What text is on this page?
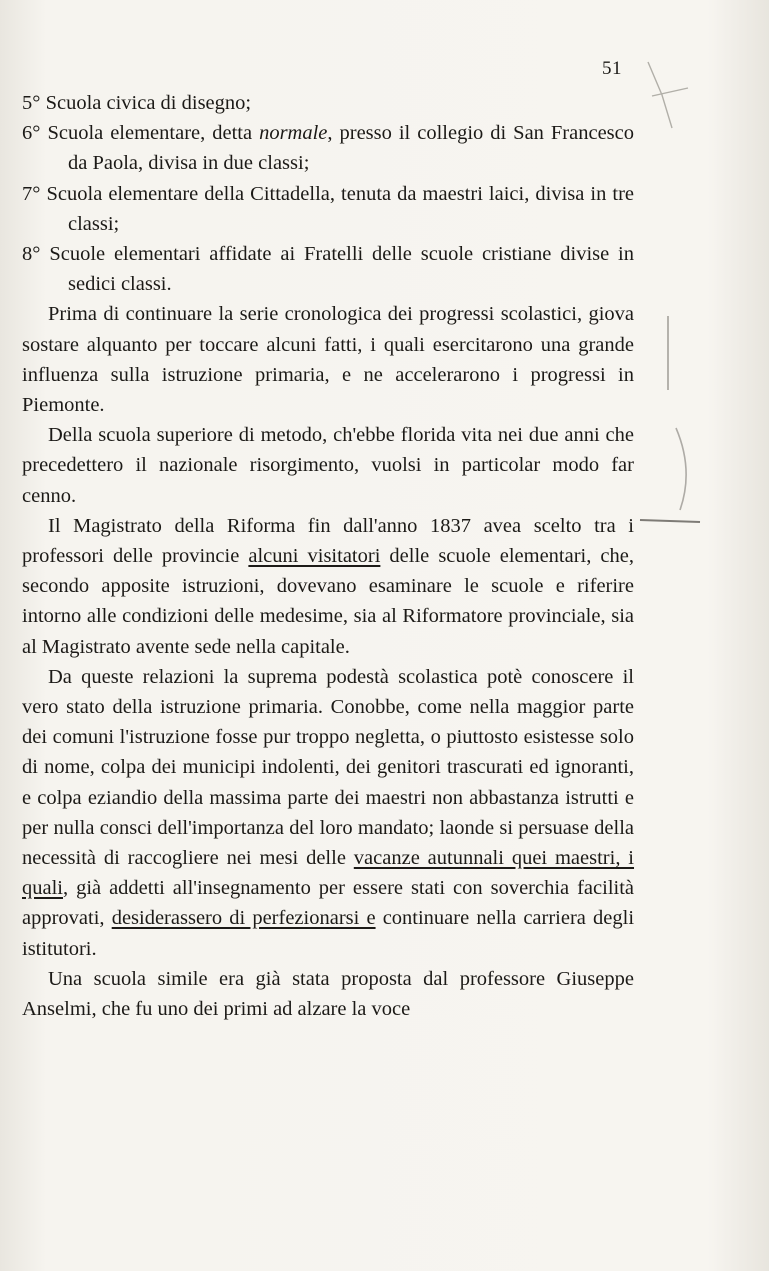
51

5° Scuola civica di disegno;

6° Scuola elementare, detta normale, presso il collegio di San Francesco da Paola, divisa in due classi;

7° Scuola elementare della Cittadella, tenuta da maestri laici, divisa in tre classi;

8° Scuole elementari affidate ai Fratelli delle scuole cristiane divise in sedici classi.

Prima di continuare la serie cronologica dei progressi scolastici, giova sostare alquanto per toccare alcuni fatti, i quali esercitarono una grande influenza sulla istruzione primaria, e ne accelerarono i progressi in Piemonte.

Della scuola superiore di metodo, ch'ebbe florida vita nei due anni che precedettero il nazionale risorgimento, vuolsi in particolar modo far cenno.

Il Magistrato della Riforma fin dall'anno 1837 avea scelto tra i professori delle provincie alcuni visitatori delle scuole elementari, che, secondo apposite istruzioni, dovevano esaminare le scuole e riferire intorno alle condizioni delle medesime, sia al Riformatore provinciale, sia al Magistrato avente sede nella capitale.

Da queste relazioni la suprema podestà scolastica potè conoscere il vero stato della istruzione primaria. Conobbe, come nella maggior parte dei comuni l'istruzione fosse pur troppo negletta, o piuttosto esistesse solo di nome, colpa dei municipi indolenti, dei genitori trascurati ed ignoranti, e colpa eziandio della massima parte dei maestri non abbastanza istrutti e per nulla consci dell'importanza del loro mandato; laonde si persuase della necessità di raccogliere nei mesi delle vacanze autunnali quei maestri, i quali, già addetti all'insegnamento per essere stati con soverchia facilità approvati, desiderassero di perfezionarsi e continuare nella carriera degli istitutori.

Una scuola simile era già stata proposta dal professore Giuseppe Anselmi, che fu uno dei primi ad alzare la voce
